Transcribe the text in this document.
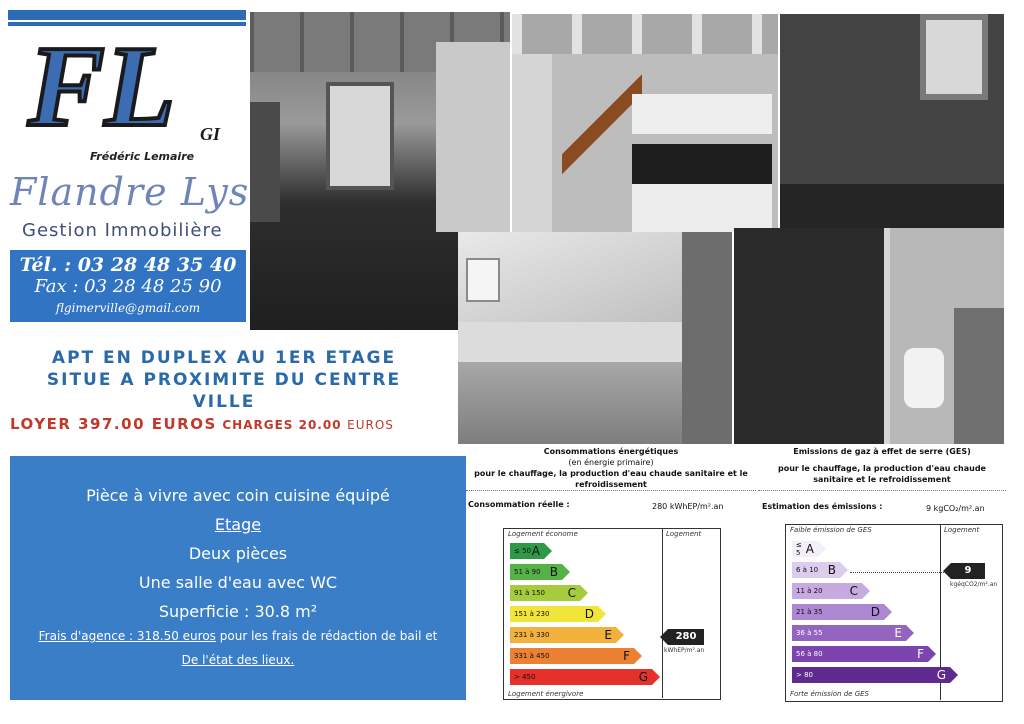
FL GI
Frédéric Lemaire
Flandre Lys
Gestion Immobilière
Tél. : 03 28 48 35 40
Fax : 03 28 48 25 90
flgimerville@gmail.com
APT EN DUPLEX AU 1ER ETAGE
SITUE A PROXIMITE DU CENTRE
VILLE
LOYER 397.00 EUROS CHARGES 20.00 EUROS
Pièce à vivre avec coin cuisine équipé
Etage
Deux pièces
Une salle d'eau avec WC
Superficie : 30.8 m²
Frais d'agence : 318.50 euros pour les frais de rédaction de bail et
De l'état des lieux.
Consommations énergétiques
(en énergie primaire)
pour le chauffage, la production d'eau chaude sanitaire et le refroidissement
Consommation réelle :	280 kWhEP/m².an
Logement économe	Logement
Logement énergivore
≤ 50 A
51 à 90 B
91 à 150 C
151 à 230	D
231 à 330	E
331 à 450	F
> 450	G
280
kWhEP/m².an
Emissions de gaz à effet de serre (GES)
pour le chauffage, la production d'eau chaude sanitaire et le refroidissement
Estimation des émissions :	9 kgCO₂/m².an
Faible émission de GES	Logement
Forte émission de GES
≤ 5 A
6 à 10 B
11 à 20 C
21 à 35	D
36 à 55	E
56 à 80	F
> 80	G
9
kgéqCO2/m².an
